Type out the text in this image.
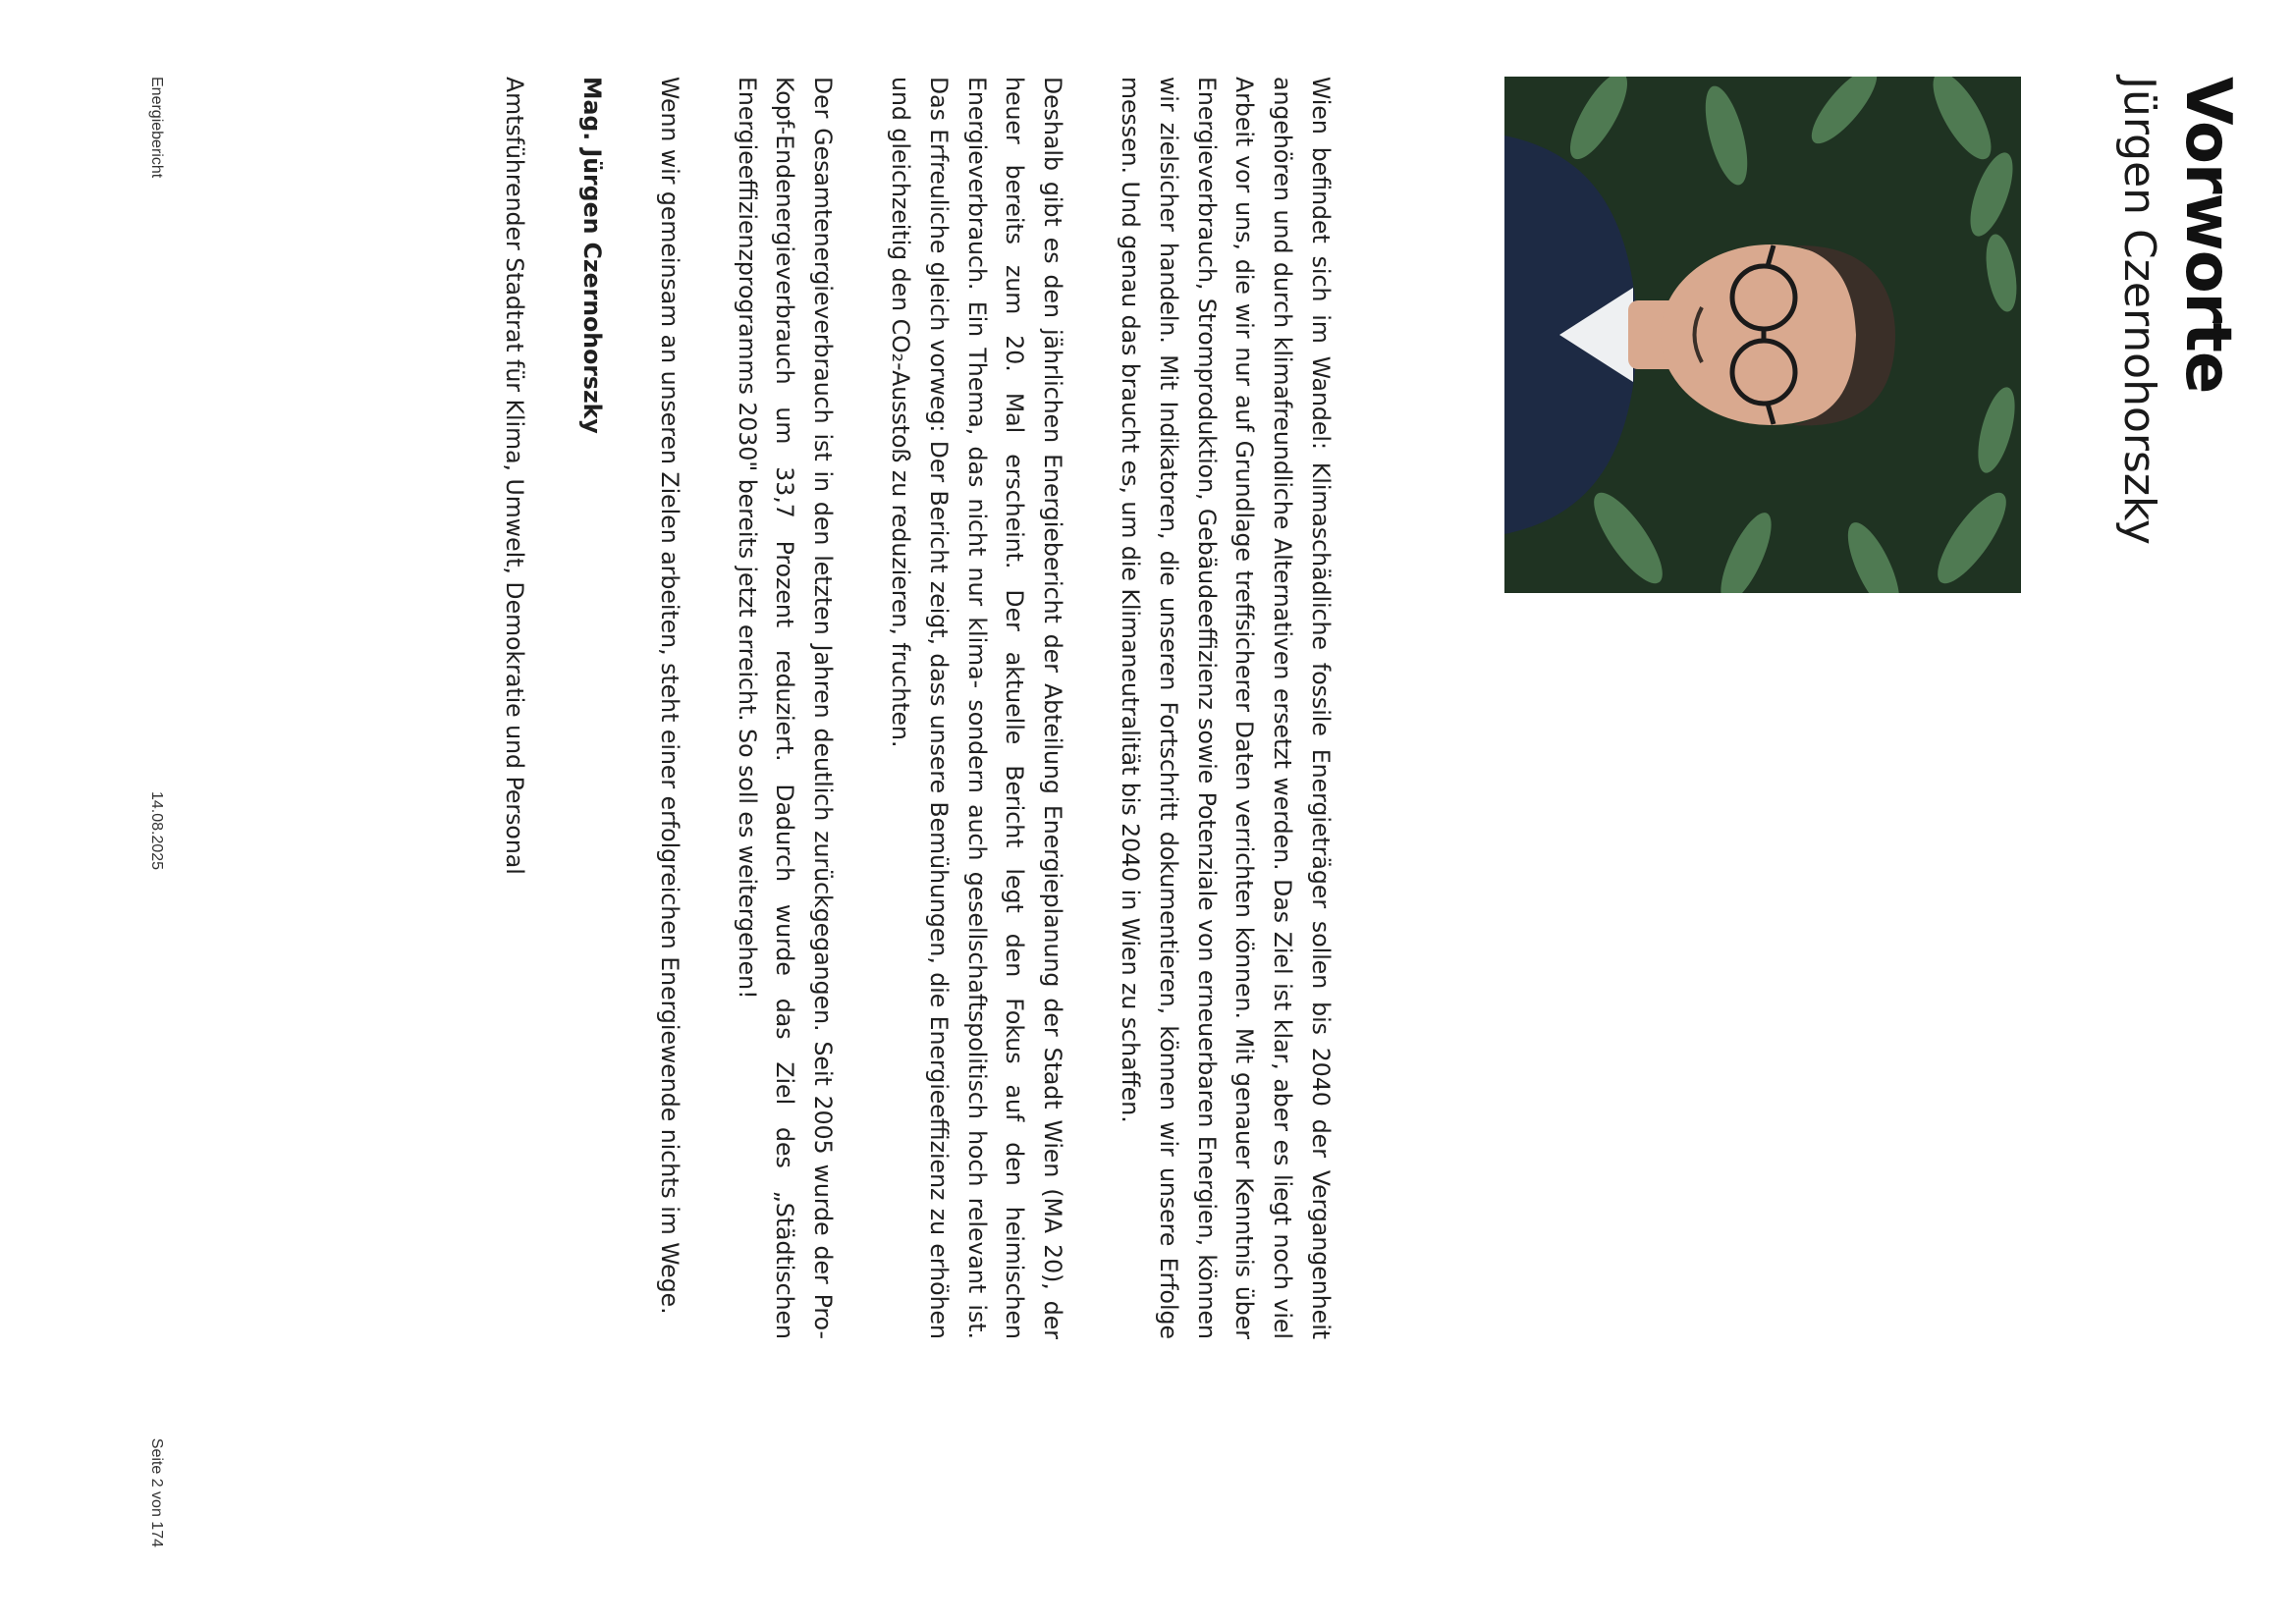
Vorworte
Jürgen Czernohorszky

Wien befindet sich im Wandel: Klimaschädliche fossile Energieträger sollen bis 2040 der Vergangenheit angehören und durch klimafreundliche Alternativen ersetzt werden. Das Ziel ist klar, aber es liegt noch viel Arbeit vor uns, die wir nur auf Grundlage treffsicherer Daten verrichten können. Mit genauer Kenntnis über Energieverbrauch, Stromproduktion, Gebäudeeffizienz sowie Potenziale von erneuerbaren Energien, können wir zielsicher handeln. Mit Indikatoren, die unseren Fortschritt dokumentieren, können wir unsere Erfolge messen. Und genau das braucht es, um die Klimaneutralität bis 2040 in Wien zu schaffen.

Deshalb gibt es den jährlichen Energiebericht der Abteilung Energieplanung der Stadt Wien (MA 20), der heuer bereits zum 20. Mal erscheint. Der aktuelle Bericht legt den Fokus auf den heimischen Energieverbrauch. Ein Thema, das nicht nur klima- sondern auch gesellschaftspolitisch hoch relevant ist. Das Erfreuliche gleich vorweg: Der Bericht zeigt, dass unsere Bemühungen, die Energieeffizienz zu erhöhen und gleichzeitig den CO₂-Ausstoß zu reduzieren, fruchten.

Der Gesamtenergieverbrauch ist in den letzten Jahren deutlich zurückgegangen. Seit 2005 wurde der Pro-Kopf-Endenergieverbrauch um 33,7 Prozent reduziert. Dadurch wurde das Ziel des „Städtischen Energieeffizienzprogramms 2030" bereits jetzt erreicht. So soll es weitergehen!

Wenn wir gemeinsam an unseren Zielen arbeiten, steht einer erfolgreichen Energiewende nichts im Wege.

Mag. Jürgen Czernohorszky

Amtsführender Stadtrat für Klima, Umwelt, Demokratie und Personal

Energiebericht
14.08.2025
Seite 2 von 174
